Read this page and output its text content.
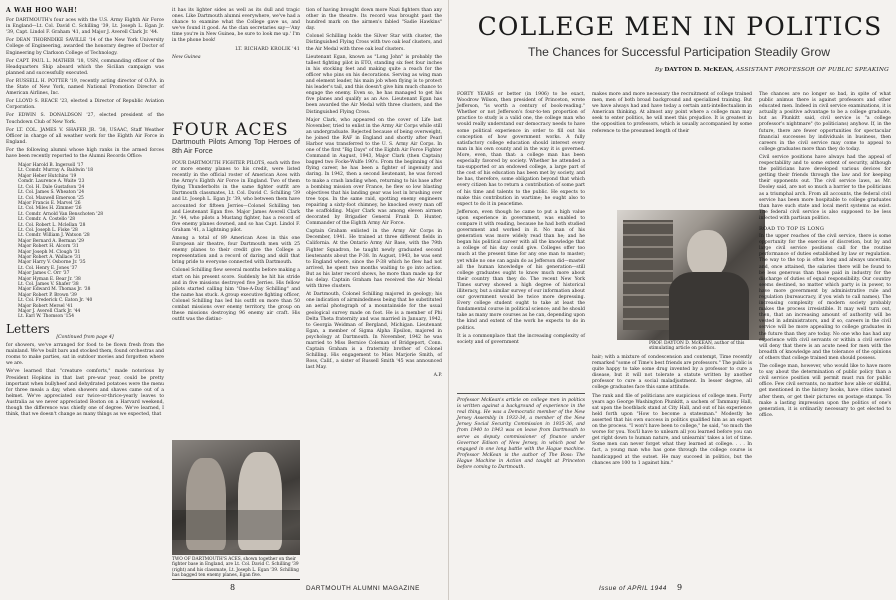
A WAH HOO WAH!

For DARTMOUTH's four aces with the U.S. Army Eighth Air Force in England—Lt. Col. David C. Schilling '39, Lt. Joseph L. Egan Jr. '39, Capt. Lindol F. Graham '41, and Major J. Averell Clark Jr. '44.

For DEAN THORNDIKE SAVILLE '14 of the New York University College of Engineering, awarded the honorary degree of Doctor of Engineering by Clarkson College of Technology.

For CAPT. PAUL L. MATHER '18, USN, commanding officer of the Headquarters Ship aboard which the Sicilian campaign was planned and successfully executed.

For RUSSELL H. POTTER '19, recently acting director of O.P.A. in the State of New York, named National Promotion Director of American Airlines, Inc.

For LLOYD S. REACE '23, elected a Director of Republic Aviation Corporation.

For EDWIN S. DONALDSON '27, elected president of the Touchdown Club of New York.

For LT. COL. JAMES V. SHAFER JR. '38, USAAC, Staff Weather Officer in charge of all weather work for the Eighth Air Force in England.

For the following alumni whose high ranks in the armed forces have been recently reported to the Alumni Records Office:

Major Harold B. Ingersoll '17
Lt. Comdr. Murray A. Baldwin '18
Major Heber Hutchins '19
Comdr. Laurence A. Waite '23
Lt. Col. H. Dale Gustafson '24
Lt. Col. James S. Wheaton '24
Lt. Col. Maxwell Emerson '25
Major Francis E. Marvel '26
Lt. Col. Miles H. Zimmer '26
Lt. Comdr. Arnold Van Benschoten '28
Lt. Comdr. A. Costello '28
Lt. Col. Robert L. Mclellan '28
Lt. Col. Joseph L. Fiske '28
Lt. Comdr. William J. Watson '28
Major Bernard A. Berman '29
Major Robert H. Alcorn '31
Major Joseph M. Clough '31
Major Robert A. Wallace '31
Major Harry V. Osborne Jr. '35
Lt. Col. Henry E. Jones '37
Major James C. Orr '37
Major Hyman E. Bear Jr. '38
Lt. Col. James V. Shafer '38
Major Edward M. Thomas Jr. '38
Major Robert P. Brown '39
Lt. Col. Frederick C. Eaton Jr. '40
Major Robert Mersel '41
Major J. Averell Clark Jr. '44
Lt. Earl W. Thomson '154
Letters

[Continued from page 4]

for showers, we've arranged for food to be flown fresh from the mainland. We've built bars and stocked them, found orchestras and rooms to make parties, sat in outdoor movies and forgotten where we are.

We've learned that "creature comforts," made notorious by President Hopkins in that last pre-war year, could be pretty important when bullyheef and dehydrated potatoes were the menu for three meals a day, when showers and shaves came out of a helmet. We've appreciated our twice-or-thrice-yearly leaves to Australia as we never appreciated Boston on a Harvard weekend, though the difference was chiefly one of degree. We've learned, I think, that we doesn't change as many things as we expected, that

it has its lighter sides as well as its dull and tragic ones. Like Dartmouth alumni everywhere, we've had a chance to examine what the College gave us, and we've found it good. As the clan secretaries say—'Any time you're in New Guinea, be sure to look me up.' I'm in the phone book!

LT. RICHARD KROLIK '41

New Guinea

FOUR ACES
Dartmouth Pilots Among Top Heroes of 8th Air Force

FOUR DARTMOUTH FIGHTER PILOTS, each with five or more enemy planes to his credit, were listed recently in the official roster of American Aces with the Army's Eighth Air Force in England. Two of them flying Thunderbolts in the same fighter outfit are Dartmouth classmates, Lt. Col. David C. Schilling '39 and Lt. Joseph L. Egan Jr. '39, who between them have accounted for fifteen Jerries—Colonel Schilling ten and Lieutenant Egan five. Major James Averell Clark Jr. '44, who pilots a Mustang fighter, has a record of five enemy planes downed, and so has Capt. Lindol F. Graham '41, a Lightning pilot.

Among a total of 89 American Aces in this one European air theatre, four Dartmouth men with 25 enemy planes to their credit give the College a representation and a record of daring and skill that bring pride to everyone connected with Dartmouth.

Colonel Schilling flew several months before making a start on his present score. Suddenly he hit his stride and in five missions destroyed five Jerries. His fellow pilots started calling him "One-A-Day Schilling" and the name has stuck. A group executive fighting officer, Colonel Schilling has led his outfit on more than 50 combat missions over enemy territory, the group on these missions destroying 96 enemy air craft. His outfit was the distinc-

TWO OF DARTMOUTH'S ACES, shown together on their fighter base in England, are Lt. Col. David C. Schilling '39 (right) and his classmate, Lt. Joseph L. Egan '39. Schilling has bagged ten enemy planes, Egan five.

tion of having brought down more Nazi fighters than any other in the theatre. Its record was brought past the hundred mark on the airmen's fabled "Sadie Hawkins" day.

Colonel Schilling holds the Silver Star with cluster, the Distinguished Flying Cross with two oak leaf clusters, and the Air Medal with three oak leaf clusters.

Lieutenant Egan, known as "Long John" is probably the tallest fighting pilot in ETO, standing six feet four inches in his stocking feet and making quite a reach for the officer who pins on his decorations. Serving as wing man and element leader, his main job when flying is to protect his leader's tail, and this doesn't give him much chance to engage the enemy. Even so, he has managed to get his five planes and qualify as an Ace. Lieutenant Egan has been awarded the Air Medal with three clusters, and the Distinguished Flying Cross.

Major Clark, who appeared on the cover of Life last November, tried to enlist in the Army Air Corps while still an undergraduate. Rejected because of being overweight, he joined the RAF in England and shortly after Pearl Harbor was transferred to the U. S. Army Air Corps. In one of the first "Big Days" of the Eighth Air Force Fighter Command in August, 1943, Major Clark (then Captain) bagged two Focke-Wulfe 190's. From the beginning of his flying career, he has been a fighter of ingenuity and daring. In 1942, then a second lieutenant, he was forced to make a crash landing when, returning to his base after a bombing mission over France, he flew so low blasting objectives that his landing gear was lost in brushing over tree tops. In the same raid, spotting enemy engineers repairing a sixty-foot chimney, he knocked every man off the scaffolding. Major Clark was among eleven airmen decorated by Brigadier General Frank D. Hunter, Commander of the Eighth Army Air Force.

Captain Graham enlisted in the Army Air Corps in December, 1941. He trained at three different fields in California. At the Ontario Army Air Base, with the 79th Fighter Squadron, he taught newly graduated second lieutenants about the P-38. In August, 1943, he was sent to England where, since the P-38 which he flew had not arrived, he spent two months waiting to go into action. But as his later record shows, he more than made up for his delay. Captain Graham has received the Air Medal with three clusters.

At Dartmouth, Colonel Schilling majored in geology; his one indication of airmindedness being that he substituted an aerial photograph of a mountainside for the usual geological survey made on foot. He is a member of Phi Delta Theta fraternity and was married in January, 1942, to Georgia Weidman of Bergland, Michigan. Lieutenant Egan, a member of Sigma Alpha Epsilon, majored in psychology at Dartmouth. In November, 1942 he was married to Miss Bernice Coleman of Bridgeport, Conn. Captain Graham is a fraternity brother of Colonel Schilling. His engagement to Miss Marjorie Smith, of Ross, Calif., a sister of Russell Smith '45 was announced last May.

A.P.

8	DARTMOUTH ALUMNI MAGAZINE
COLLEGE MEN IN POLITICS
The Chances for Successful Participation Steadily Grow
By DAYTON D. McKEAN, ASSISTANT PROFESSOR OF PUBLIC SPEAKING

FORTY YEARS or better (in 1906) to be exact, Woodrow Wilson, then president of Princeton, wrote Jefferson, "is worth a century of book-reading." Whether or not Jefferson's four-to-ten proportion of practice to study is a valid one, the college man who would really understand our democracy needs to have some political experience in order to fill out his conception of how government works. A fully satisfactory college education should interest every man in his own county and in the way it is governed. More, even, than that: a college man has been especially favored by society. Whether he attended a tax-supported or an endowed college, a large part of the cost of his education has been met by society, and he has, therefore, some obligation beyond that which every citizen has to return a contribution of some part of his time and talents to the public. He expects to make this contribution in wartime; he ought also to expect to do it in peacetime.

Jefferson, even though he came to put a high value upon experience in government, was enabled to compare it with reading, because he had both studied government and worked in it. No man of his generation was more widely read than he; and he began his political career with all the knowledge that a college of his day could give. Colleges offer too much at the present time for any one man to master; yet while no one can again do as Jefferson did—master all the human knowledge of his generation—still college graduates ought to know much more about their country than they do. The recent New York Times survey showed a high degree of historical illiteracy, but a similar survey of our information about our government would be twice more depressing. Every college student ought to take at least the fundamental course in political science; and he should take as many more courses as he can, depending upon the kind and extent of the work he expects to do in politics.

It is a commonplace that the increasing complexity of society and of government

makes more and more necessary the recruitment of college trained men, men of both broad background and specialized training. But we have always had and have today a certain anti-intellectualism in American thinking. At almost any point where a college man may seek to enter politics, he will meet this prejudice. It is greatest in the opposition to professors, which is usually accompanied by some reference to the presumed length of their

PROF. DAYTON D. McKEAN, author of this stimulating article on politics.

hair; with a mixture of condescension and contempt, Time recently remarked "some of Time's best friends are professors." The public is quite happy to take some drug invented by a professor to cure a disease, but it will not tolerate a statute written by another professor to cure a social maladjustment. In lesser degree, all college graduates face this same attitude.

The rank and file of politicians are suspicious of college men. Forty years ago George Washington Plunkitt, a sachem of Tammany Hall, sat upon the bootblack stand at City Hall, and out of his experience held forth upon "How to become a statesman." Modestly he asserted that his own success in politics qualified him as an expert on the process. "I won't have been to college," he said, "so much the worse for you. You'll have to unlearn all you learned before you can get right down to human nature, and unlearnin' takes a lot of time. Some men can never forget what they learned at college. . . . In fact, a young man who has gone through the college course is handicapped at the outset. He may succeed in politics, but the chances are 100 to 1 against him."

Professor McKean's article on college men in politics is written against a background of experience in the real thing. He was a Democratic member of the New Jersey Assembly in 1933-34, a member of the New Jersey Social Security Commission in 1935-36, and from 1940 to 1943 was on leave from Dartmouth to serve as deputy commissioner of finance under Governor Edison of New Jersey, in which post he engaged in one long battle with the Hague machine. Professor McKean is the author of The Boss: The Hague Machine in Action and taught at Princeton before coming to Dartmouth.

The chances are no longer so bad, in spite of what public animus there is against professors and other educated men. Indeed in civil service examinations, it is actually a positive advantage to be a college graduate, but as Plunkitt said, civil service is "a college professor's nightmare" (to politicians) anyhow. If, in the future, there are fewer opportunities for spectacular financial successes by individuals in business, then careers in the civil service may come to appeal to college graduates more than they do today.

Civil service positions have always had the appeal of respectability and to some extent of security, although the politicians have developed various devices for getting their friends through the law and for keeping their opponents out. The civil service laws, as Mr. Dooley said, are not so much a barrier to the politicians as a triumphal arch. From all accounts, the federal civil service has been more hospitable to college graduates than have such state and local merit systems as exist. The federal civil service is also supposed to be less infected with partisan politics.

ROAD TO TOP IS LONG

In the upper reaches of the civil service, there is some opportunity for the exercise of discretion, but by and large civil service positions call for the routine performance of duties established by law or regulation. The way to the top is often long and always uncertain, and, once attained, the salaries there will be found to be less generous than those paid in industry for the discharge of duties of equal responsibility. Our country seems destined, no matter which party is in power, to have more government by administrative rule and regulation (bureaucracy, if you wish to call names). The increasing complexity of modern society probably makes the process irresistible. It may well turn out, then, that an increasing amount of authority will be vested in administrators, and if so, careers in the civil service will be more appealing to college graduates in the future than they are today. No one who has had any experience with civil servants or within a civil service will deny that there is an acute need for men with the breadth of knowledge and the tolerance of the opinions of others that college trained men should possess.

The college man, however, who would like to have more to say about the determination of public policy than a civil service position will permit must run for public office. Few civil servants, no matter how able or skillful, get mentioned in the history books, have cities named after them, or get their pictures on postage stamps. To make a lasting impression upon the politics of one's generation, it is ordinarily necessary to get elected to office.

Issue of APRIL 1944 9
